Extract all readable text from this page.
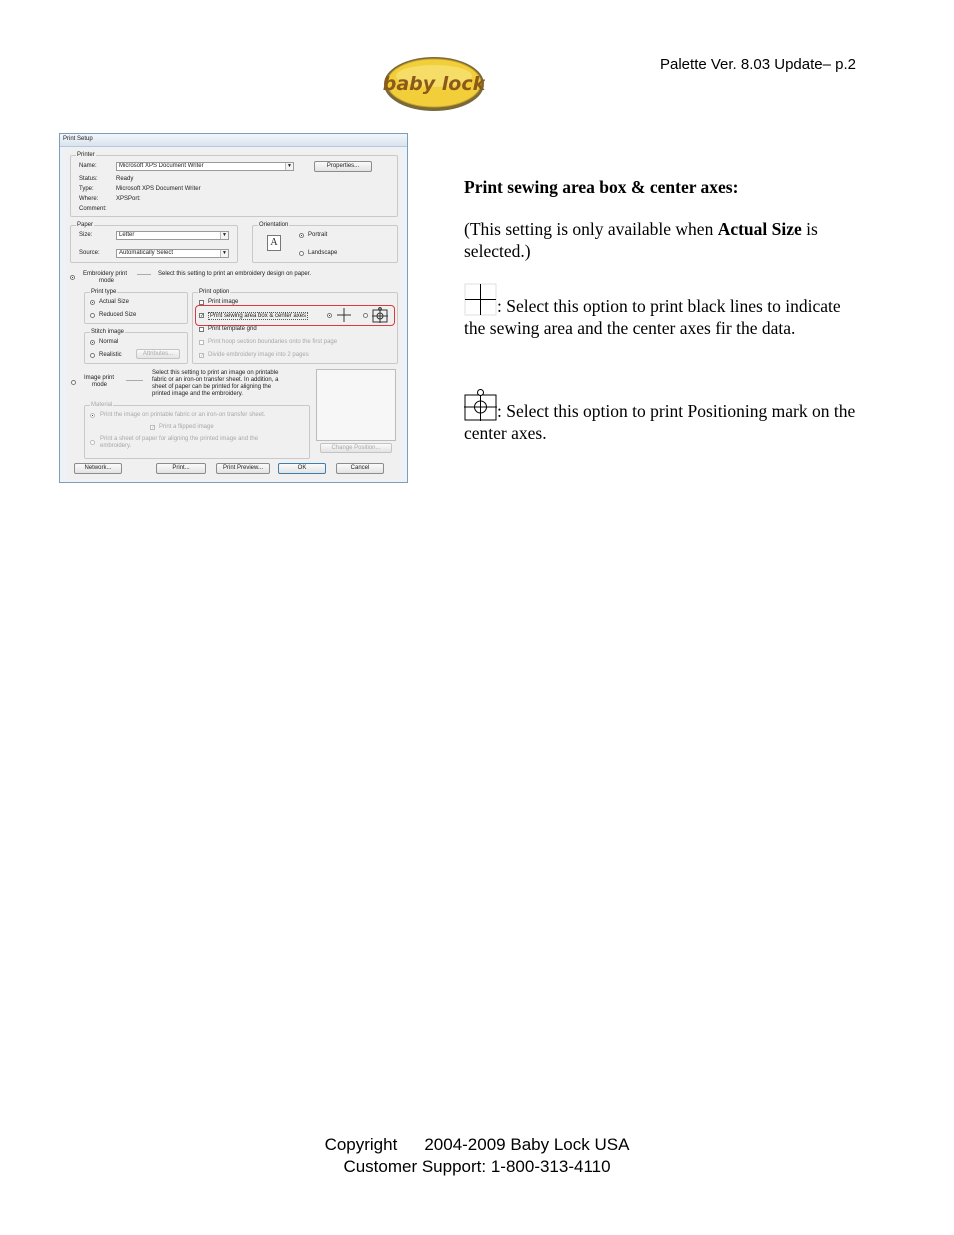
Palette Ver. 8.03 Update– p.2
baby lock
Print Setup
Printer
Name:	Microsoft XPS Document Writer	▼	Properties...
Status:	Ready
Type:	Microsoft XPS Document Writer
Where:	XPSPort:
Comment:
Paper
Size:	Letter	▼
Source:	Automatically Select	▼
Orientation
A
Portrait
Landscape
Embroidery print
mode
Select this setting to print an embroidery design on paper.
Print type
Actual Size
Reduced Size
Stitch image
Normal
Realistic	Attributes...
Print option
Print image
✓ Print sewing area box & center axes
Print template grid
Print hoop section boundaries onto the first page
✓ Divide embroidery image into 2 pages
Image print
mode
Select this setting to print an image on printable
fabric or an iron-on transfer sheet. In addition, a
sheet of paper can be printed for aligning the
printed image and the embroidery.
Material
Print the image on printable fabric or an iron-on transfer sheet.
✓ Print a flipped image
Print a sheet of paper for aligning the printed image and the
embroidery.	Change Position...
Network...	Print...	Print Preview...	OK	Cancel
Print sewing area box & center axes:
(This setting is only available when Actual Size is selected.)
: Select this option to print black lines to indicate the sewing area and the center axes fir the data.
: Select this option to print Positioning mark on the center axes.
Copyright 2004-2009 Baby Lock USA
Customer Support: 1-800-313-4110
